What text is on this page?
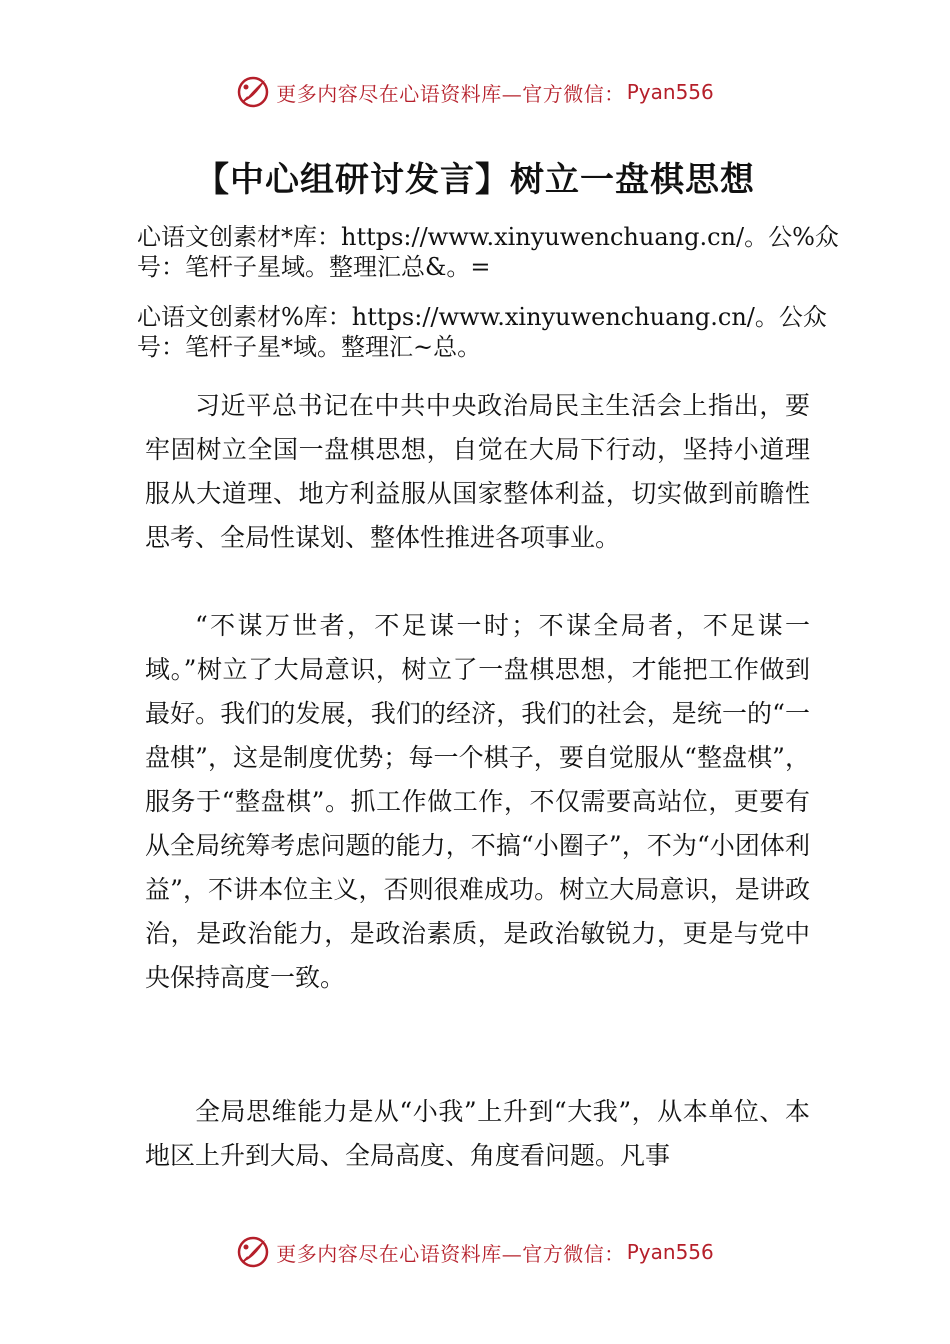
更多内容尽在心语资料库—官方微信： Pyan556
【中心组研讨发言】树立一盘棋思想
心语文创素材*库：https://www.xinyuwenchuang.cn/。公%众号：笔杆子星域。整理汇总&。=
心语文创素材%库：https://www.xinyuwenchuang.cn/。公众号：笔杆子星*域。整理汇~总。

习近平总书记在中共中央政治局民主生活会上指出，要牢固树立全国一盘棋思想，自觉在大局下行动，坚持小道理服从大道理、地方利益服从国家整体利益，切实做到前瞻性思考、全局性谋划、整体性推进各项事业。

“不谋万世者，不足谋一时；不谋全局者，不足谋一域。”树立了大局意识，树立了一盘棋思想，才能把工作做到最好。我们的发展，我们的经济，我们的社会，是统一的“一盘棋”，这是制度优势；每一个棋子，要自觉服从“整盘棋”，服务于“整盘棋”。抓工作做工作，不仅需要高站位，更要有从全局统筹考虑问题的能力，不搞“小圈子”，不为“小团体利益”，不讲本位主义，否则很难成功。树立大局意识，是讲政治，是政治能力，是政治素质，是政治敏锐力，更是与党中央保持高度一致。

全局思维能力是从“小我”上升到“大我”，从本单位、本地区上升到大局、全局高度、角度看问题。凡事

更多内容尽在心语资料库—官方微信： Pyan556
